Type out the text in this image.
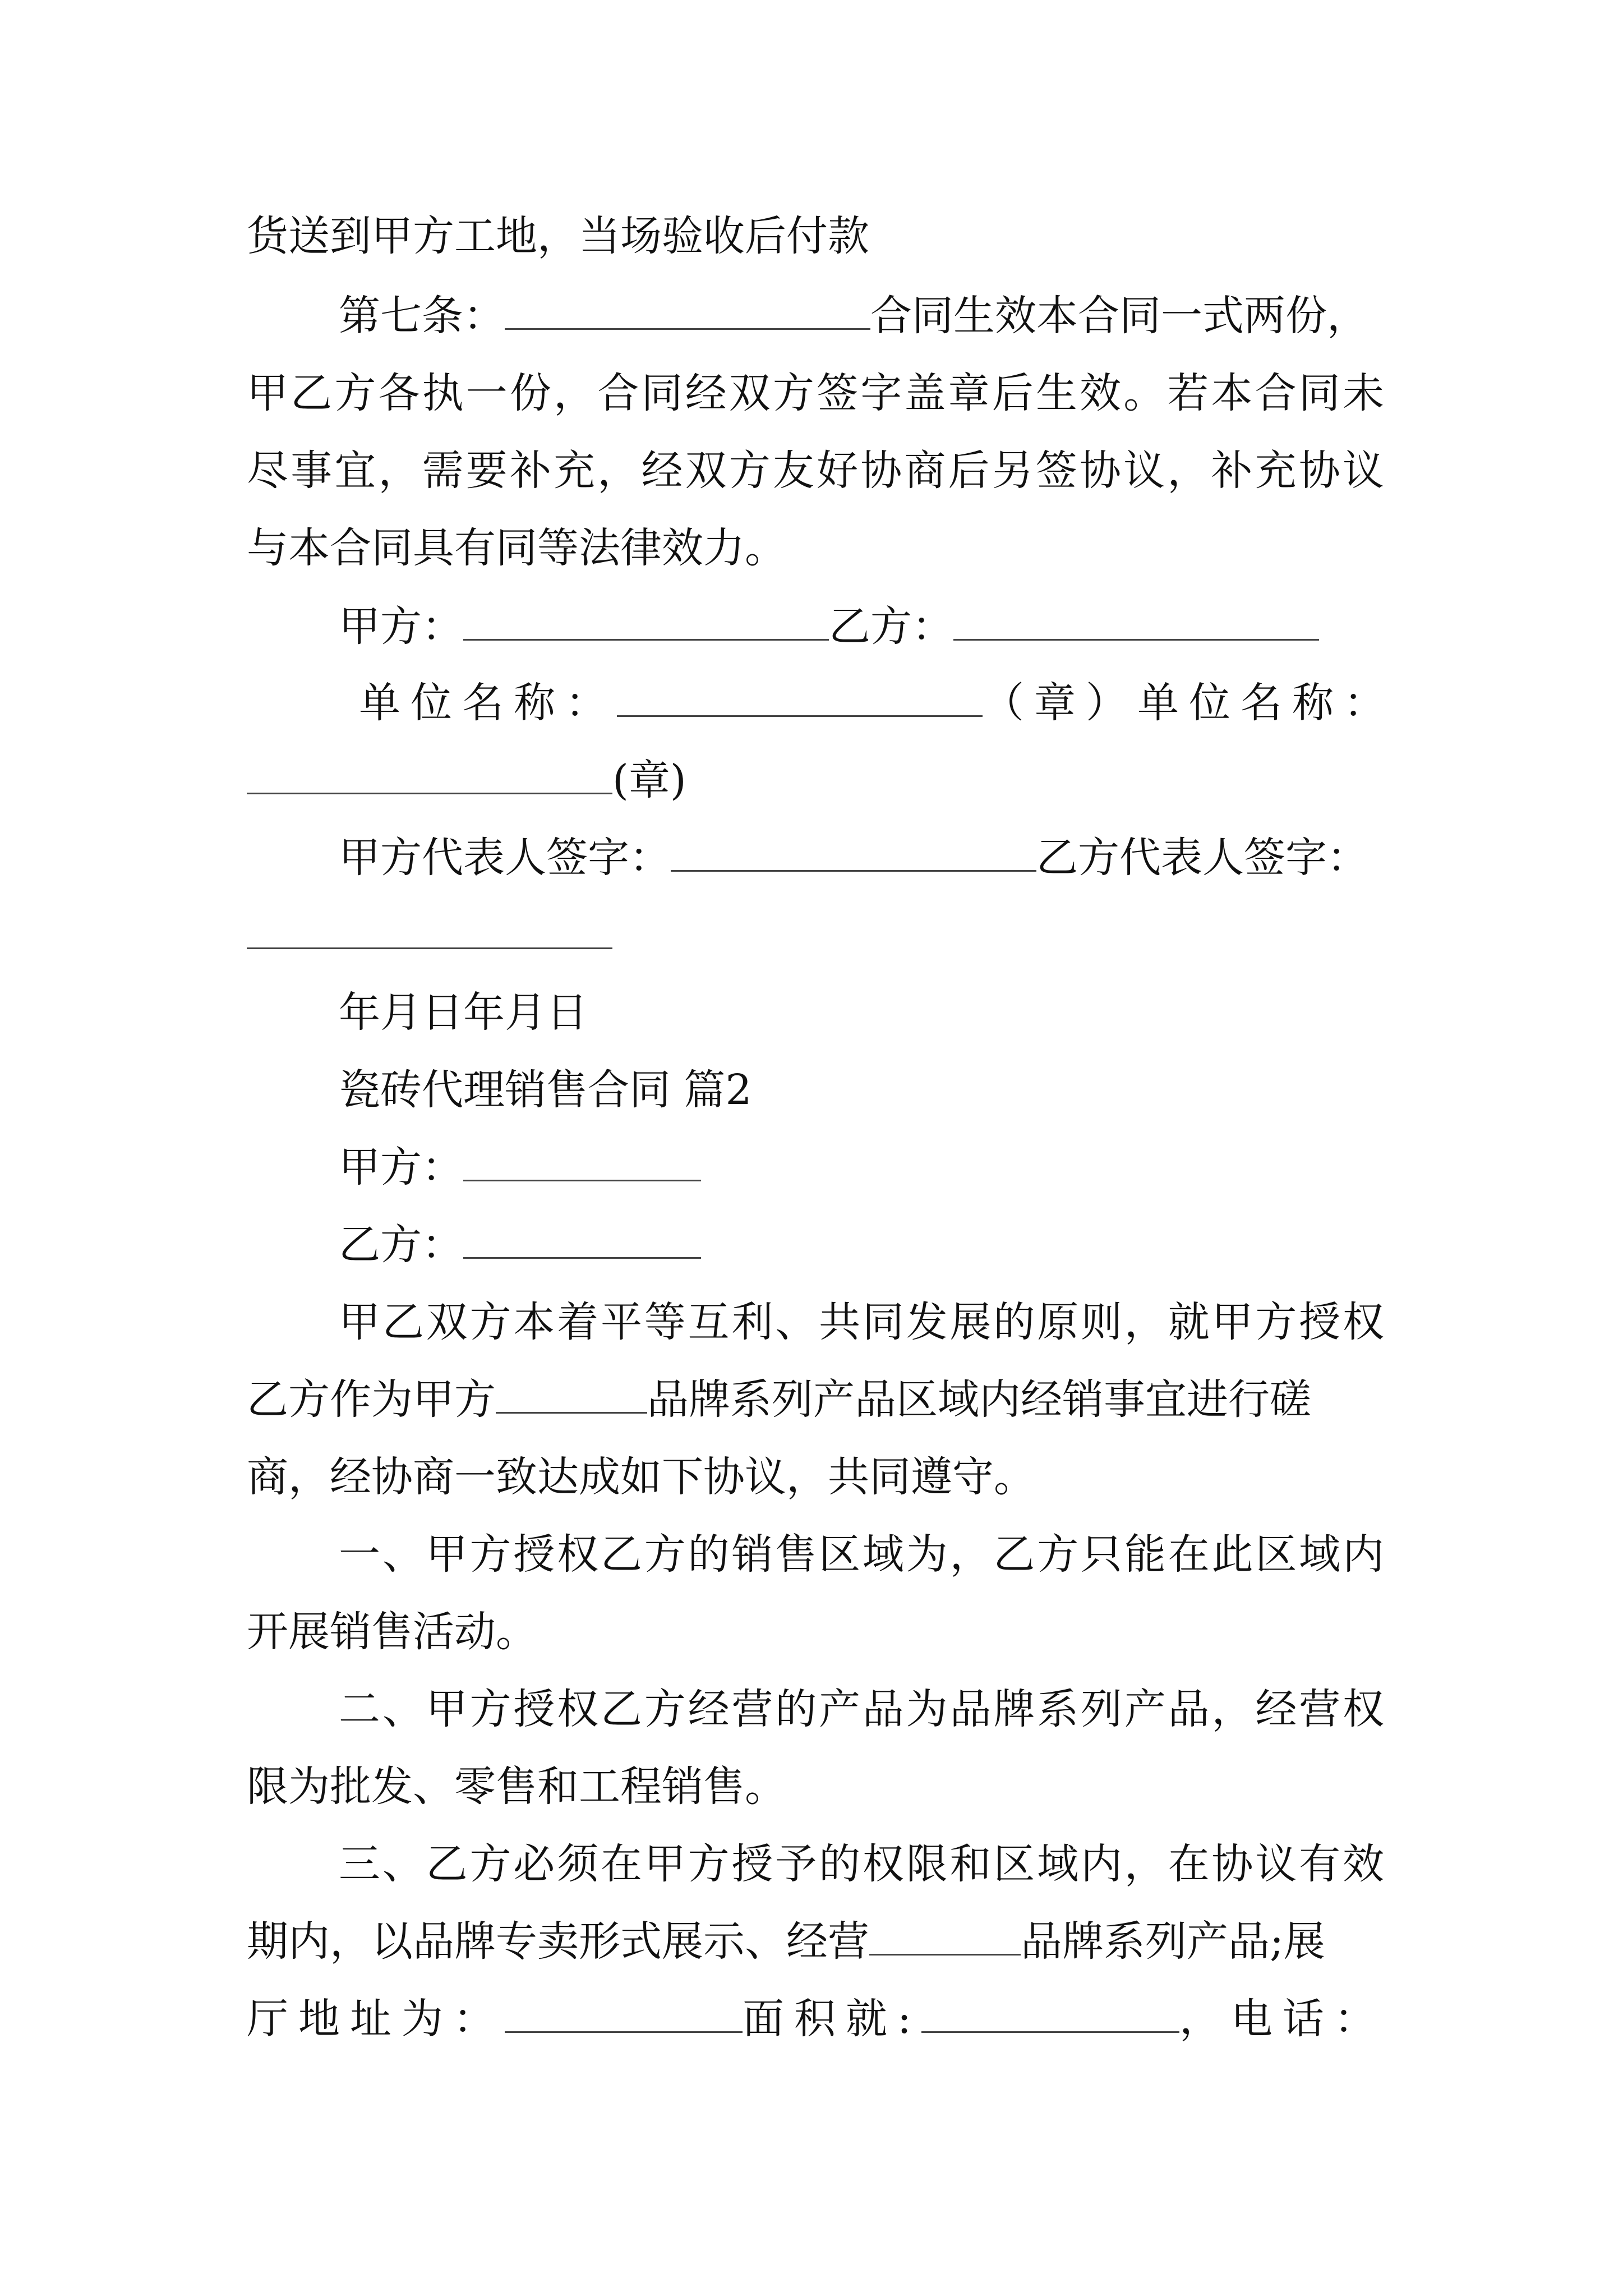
货送到甲方工地，当场验收后付款
第七条：	合同生效本合同一式两份，
甲乙方各执一份，合同经双方签字盖章后生效。若本合同未
尽事宜，需要补充，经双方友好协商后另签协议，补充协议
与本合同具有同等法律效力。
甲方：	乙方：
单位名称：	（章）单位名称：
(章)
甲方代表人签字：	乙方代表人签字：
年月日年月日
瓷砖代理销售合同 篇2
甲方：
乙方：
甲乙双方本着平等互利、共同发展的原则，就甲方授权
乙方作为甲方	品牌系列产品区域内经销事宜进行磋
商，经协商一致达成如下协议，共同遵守。
一、甲方授权乙方的销售区域为，乙方只能在此区域内
开展销售活动。
二、甲方授权乙方经营的产品为品牌系列产品，经营权
限为批发、零售和工程销售。
三、乙方必须在甲方授予的权限和区域内，在协议有效
期内，以品牌专卖形式展示、经营	品牌系列产品;展
厅地址为：	面积就:	，电话：
